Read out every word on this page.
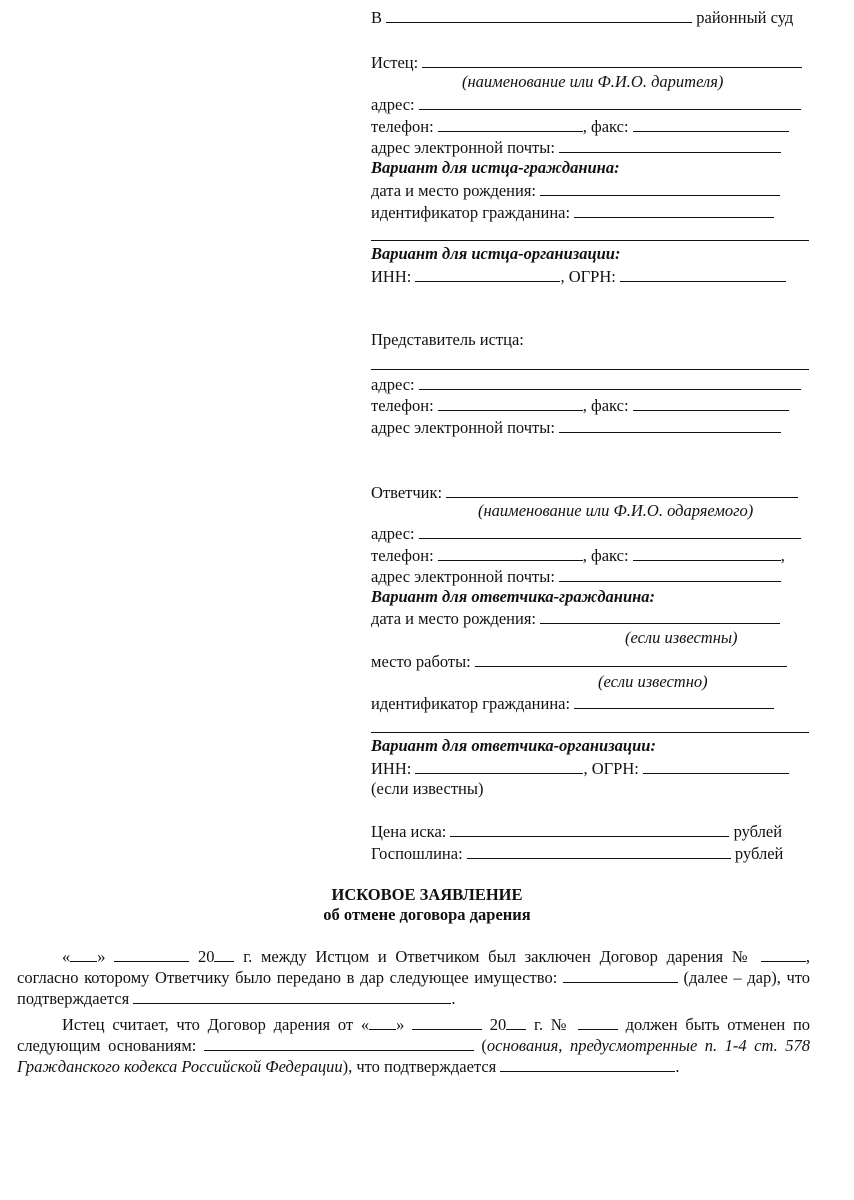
В	районный суд
Истец:
(наименование или Ф.И.О. дарителя)
адрес:
телефон:	, факс:
адрес электронной почты:
Вариант для истца-гражданина:
дата и место рождения:
идентификатор гражданина:
Вариант для истца-организации:
ИНН:	, ОГРН:
Представитель истца:
адрес:
телефон:	, факс:
адрес электронной почты:
Ответчик:
(наименование или Ф.И.О. одаряемого)
адрес:
телефон:	, факс:	,
адрес электронной почты:
Вариант для ответчика-гражданина:
дата и место рождения:
(если известны)
место работы:
(если известно)
идентификатор гражданина:
Вариант для ответчика-организации:
ИНН:	, ОГРН:
(если известны)
Цена иска:	рублей
Госпошлина:	рублей
ИСКОВОЕ ЗАЯВЛЕНИЕ
об отмене договора дарения
« »	20 г. между Истцом и Ответчиком был заключен Договор дарения №	, согласно которому Ответчику было передано в дар следующее имущество:	(далее – дар), что подтверждается	.
Истец считает, что Договор дарения от « »	20 г. №	должен быть отменен по следующим основаниям:	(основания, предусмотренные п. 1-4 ст. 578 Гражданского кодекса Российской Федерации), что подтверждается	.
